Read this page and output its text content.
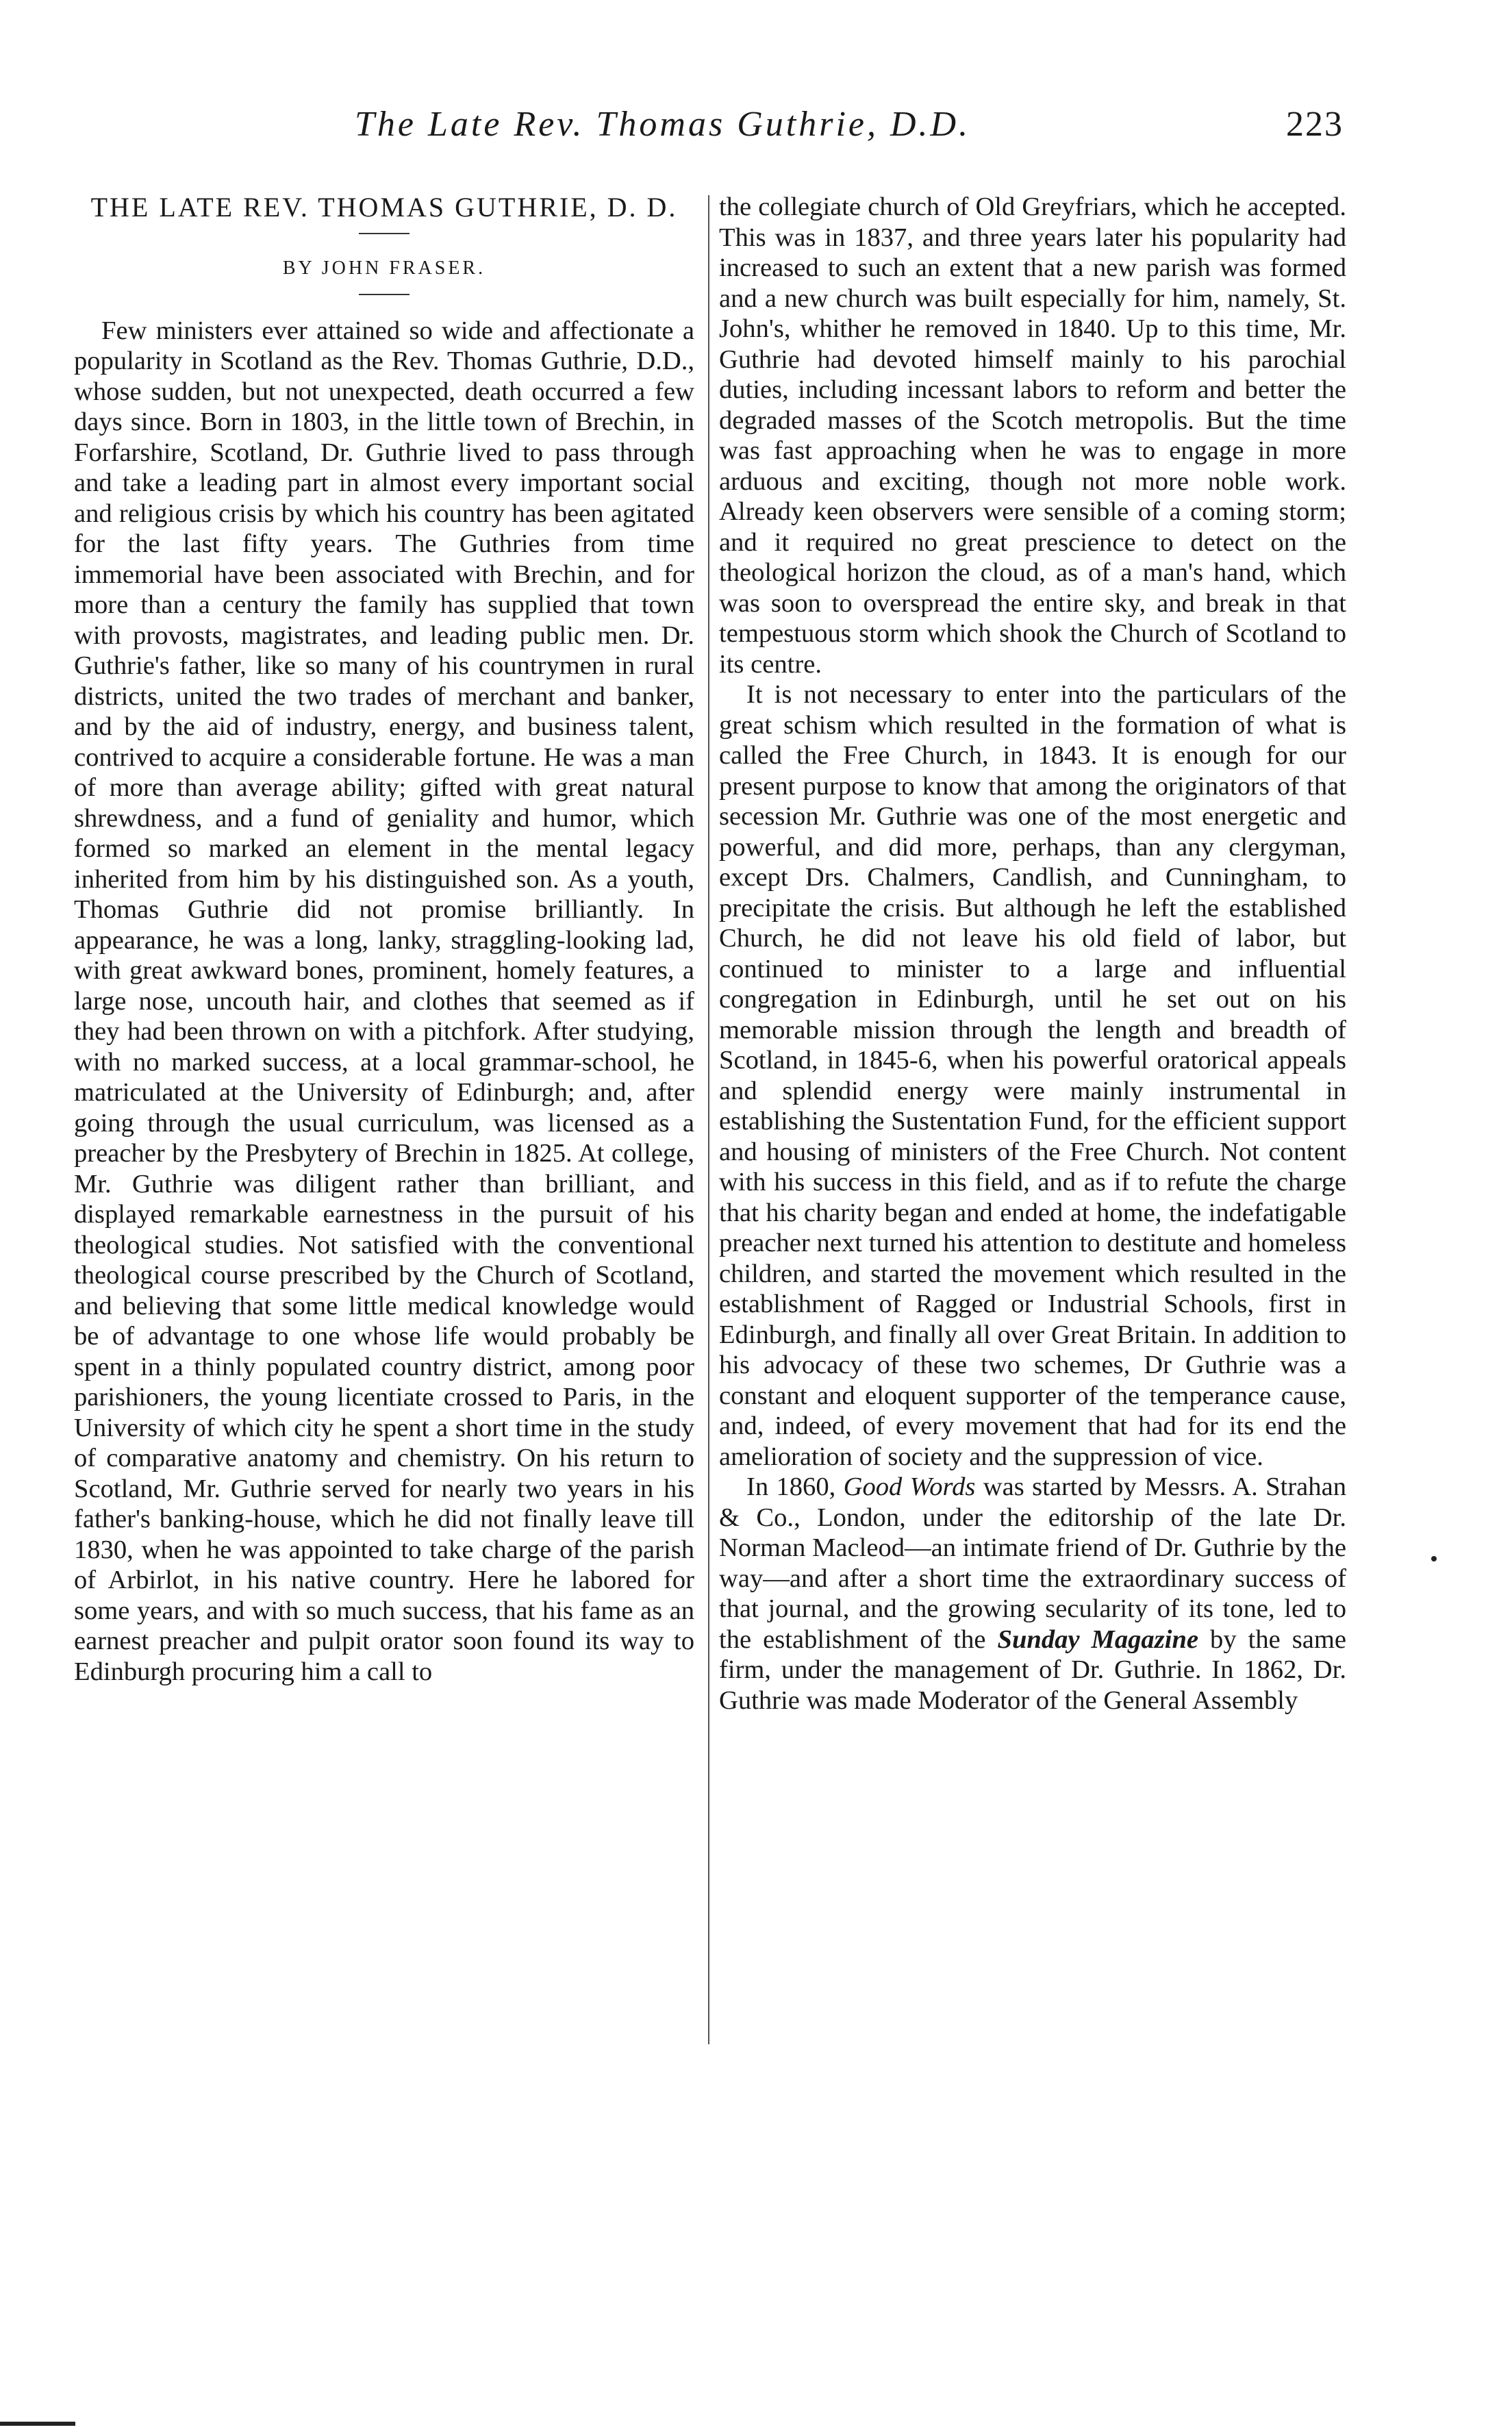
The Late Rev. Thomas Guthrie, D.D.	223
THE LATE REV. THOMAS GUTHRIE, D. D.
BY JOHN FRASER.

Few ministers ever attained so wide and affectionate a popularity in Scotland as the Rev. Thomas Guthrie, D.D., whose sudden, but not unexpected, death occurred a few days since. Born in 1803, in the little town of Brechin, in Forfarshire, Scotland, Dr. Guthrie lived to pass through and take a leading part in almost every important social and religious crisis by which his country has been agitated for the last fifty years. The Guthries from time immemorial have been associated with Brechin, and for more than a century the family has supplied that town with provosts, magistrates, and leading public men. Dr. Guthrie's father, like so many of his countrymen in rural districts, united the two trades of merchant and banker, and by the aid of industry, energy, and business talent, contrived to acquire a considerable fortune. He was a man of more than average ability; gifted with great natural shrewdness, and a fund of geniality and humor, which formed so marked an element in the mental legacy inherited from him by his distinguished son. As a youth, Thomas Guthrie did not promise brilliantly. In appearance, he was a long, lanky, straggling-looking lad, with great awkward bones, prominent, homely features, a large nose, uncouth hair, and clothes that seemed as if they had been thrown on with a pitchfork. After studying, with no marked success, at a local grammar-school, he matriculated at the University of Edinburgh; and, after going through the usual curriculum, was licensed as a preacher by the Presbytery of Brechin in 1825. At college, Mr. Guthrie was diligent rather than brilliant, and displayed remarkable earnestness in the pursuit of his theological studies. Not satisfied with the conventional theological course prescribed by the Church of Scotland, and believing that some little medical knowledge would be of advantage to one whose life would probably be spent in a thinly populated country district, among poor parishioners, the young licentiate crossed to Paris, in the University of which city he spent a short time in the study of comparative anatomy and chemistry. On his return to Scotland, Mr. Guthrie served for nearly two years in his father's banking-house, which he did not finally leave till 1830, when he was appointed to take charge of the parish of Arbirlot, in his native country. Here he labored for some years, and with so much success, that his fame as an earnest preacher and pulpit orator soon found its way to Edinburgh procuring him a call to

the collegiate church of Old Greyfriars, which he accepted. This was in 1837, and three years later his popularity had increased to such an extent that a new parish was formed and a new church was built especially for him, namely, St. John's, whither he removed in 1840. Up to this time, Mr. Guthrie had devoted himself mainly to his parochial duties, including incessant labors to reform and better the degraded masses of the Scotch metropolis. But the time was fast approaching when he was to engage in more arduous and exciting, though not more noble work. Already keen observers were sensible of a coming storm; and it required no great prescience to detect on the theological horizon the cloud, as of a man's hand, which was soon to overspread the entire sky, and break in that tempestuous storm which shook the Church of Scotland to its centre.

It is not necessary to enter into the particulars of the great schism which resulted in the formation of what is called the Free Church, in 1843. It is enough for our present purpose to know that among the originators of that secession Mr. Guthrie was one of the most energetic and powerful, and did more, perhaps, than any clergyman, except Drs. Chalmers, Candlish, and Cunningham, to precipitate the crisis. But although he left the established Church, he did not leave his old field of labor, but continued to minister to a large and influential congregation in Edinburgh, until he set out on his memorable mission through the length and breadth of Scotland, in 1845-6, when his powerful oratorical appeals and splendid energy were mainly instrumental in establishing the Sustentation Fund, for the efficient support and housing of ministers of the Free Church. Not content with his success in this field, and as if to refute the charge that his charity began and ended at home, the indefatigable preacher next turned his attention to destitute and homeless children, and started the movement which resulted in the establishment of Ragged or Industrial Schools, first in Edinburgh, and finally all over Great Britain. In addition to his advocacy of these two schemes, Dr Guthrie was a constant and eloquent supporter of the temperance cause, and, indeed, of every movement that had for its end the amelioration of society and the suppression of vice.

In 1860, Good Words was started by Messrs. A. Strahan & Co., London, under the editorship of the late Dr. Norman Macleod—an intimate friend of Dr. Guthrie by the way—and after a short time the extraordinary success of that journal, and the growing secularity of its tone, led to the establishment of the Sunday Magazine by the same firm, under the management of Dr. Guthrie. In 1862, Dr. Guthrie was made Moderator of the General Assembly
